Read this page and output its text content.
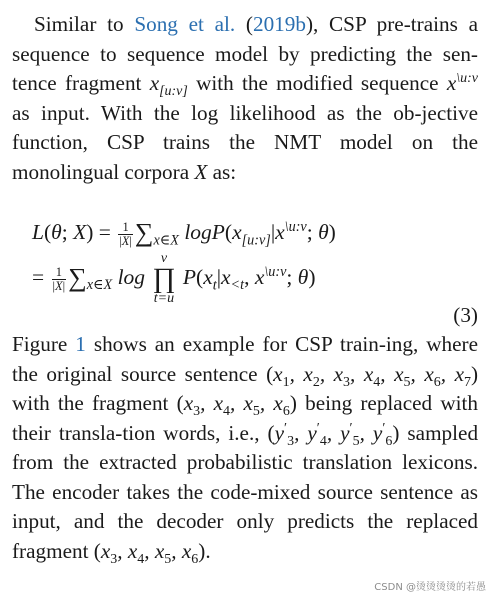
Similar to Song et al. (2019b), CSP pre-trains a sequence to sequence model by predicting the sen-tence fragment $x_{[u:v]}$ with the modified sequence $x^{\backslash u:v}$ as input. With the log likelihood as the ob-jective function, CSP trains the NMT model on the monolingual corpora X as:

L(θ; $X) = \frac{1}{|X|} \sum_{x\in X}$ $\log P(x_{[u:v]}|x^{\backslash u:v}$; θ)
= $\frac{1}{|X|} \sum_{x\in X}$ log
v
∏
t=u
$P(x_t|x_{<t}$, $x^{\backslash u:v}$; θ)
(3)

Figure 1 shows an example for CSP train-ing, where the original source sentence ($x_1$, $x_2$, $x_3$, $x_4$, $x_5$, $x_6$, $x_7$) with the fragment ($x_3$, $x_4$, $x_5$, $x_6$) being replaced with their transla-tion words, i.e., ($y'_3$, $y'_4$, $y'_5$, $y'_6$) sampled from the extracted probabilistic translation lexicons. The encoder takes the code-mixed source sentence as input, and the decoder only predicts the replaced fragment ($x_3$, $x_4$, $x_5$, $x_6$).

CSDN @烫烫烫烫的若愚
